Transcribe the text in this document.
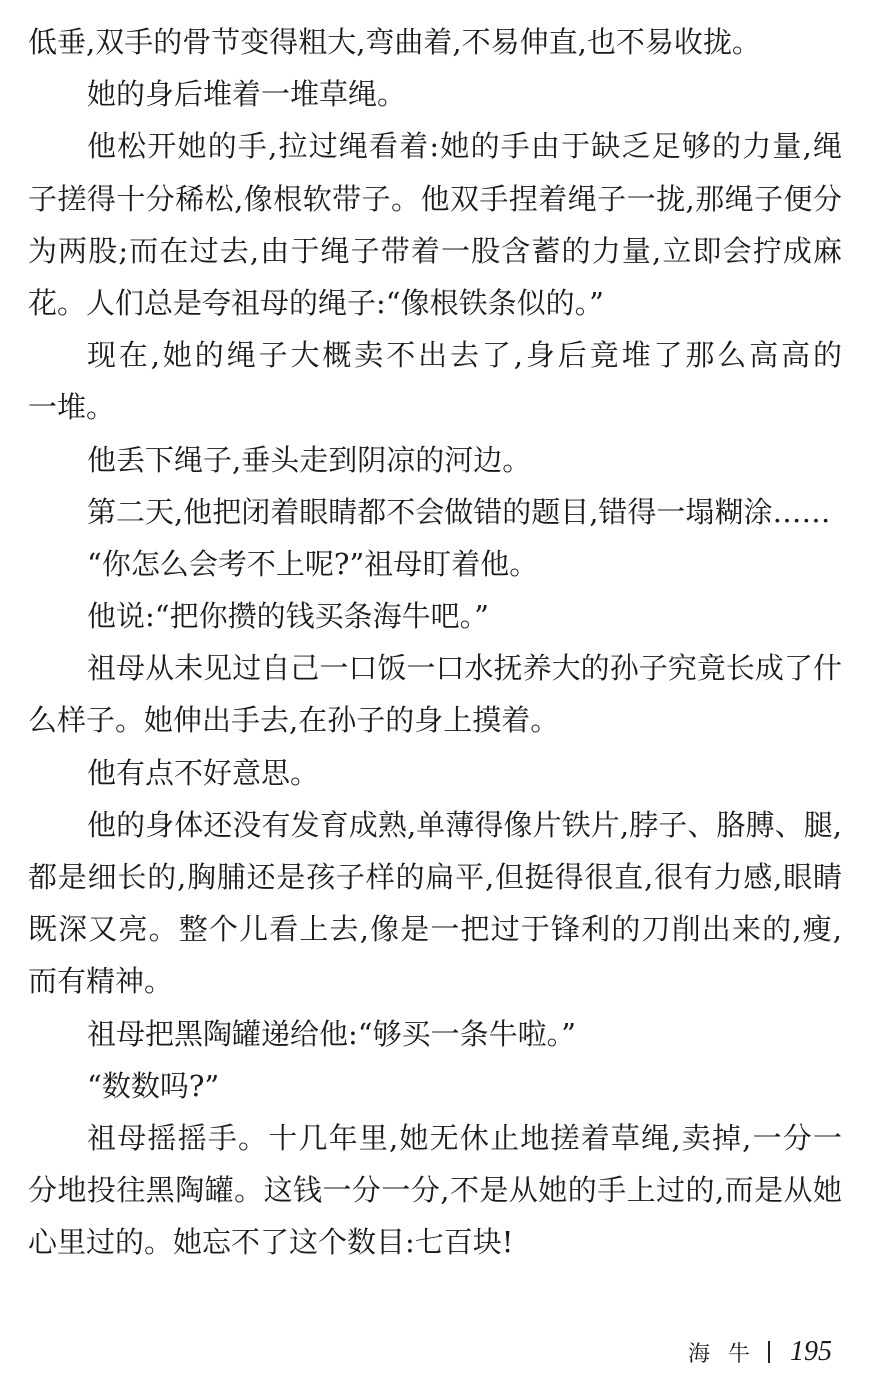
低垂,双手的骨节变得粗大,弯曲着,不易伸直,也不易收拢。
她的身后堆着一堆草绳。
他松开她的手,拉过绳看着:她的手由于缺乏足够的力量,绳
子搓得十分稀松,像根软带子。他双手捏着绳子一拢,那绳子便分
为两股;而在过去,由于绳子带着一股含蓄的力量,立即会拧成麻
花。人们总是夸祖母的绳子:“像根铁条似的。”
现在,她的绳子大概卖不出去了,身后竟堆了那么高高的
一堆。
他丢下绳子,垂头走到阴凉的河边。
第二天,他把闭着眼睛都不会做错的题目,错得一塌糊涂……
“你怎么会考不上呢?”祖母盯着他。
他说:“把你攒的钱买条海牛吧。”
祖母从未见过自己一口饭一口水抚养大的孙子究竟长成了什
么样子。她伸出手去,在孙子的身上摸着。
他有点不好意思。
他的身体还没有发育成熟,单薄得像片铁片,脖子、胳膊、腿,
都是细长的,胸脯还是孩子样的扁平,但挺得很直,很有力感,眼睛
既深又亮。整个儿看上去,像是一把过于锋利的刀削出来的,瘦,
而有精神。
祖母把黑陶罐递给他:“够买一条牛啦。”
“数数吗?”
祖母摇摇手。十几年里,她无休止地搓着草绳,卖掉,一分一
分地投往黑陶罐。这钱一分一分,不是从她的手上过的,而是从她
心里过的。她忘不了这个数目:七百块!
海牛 195
